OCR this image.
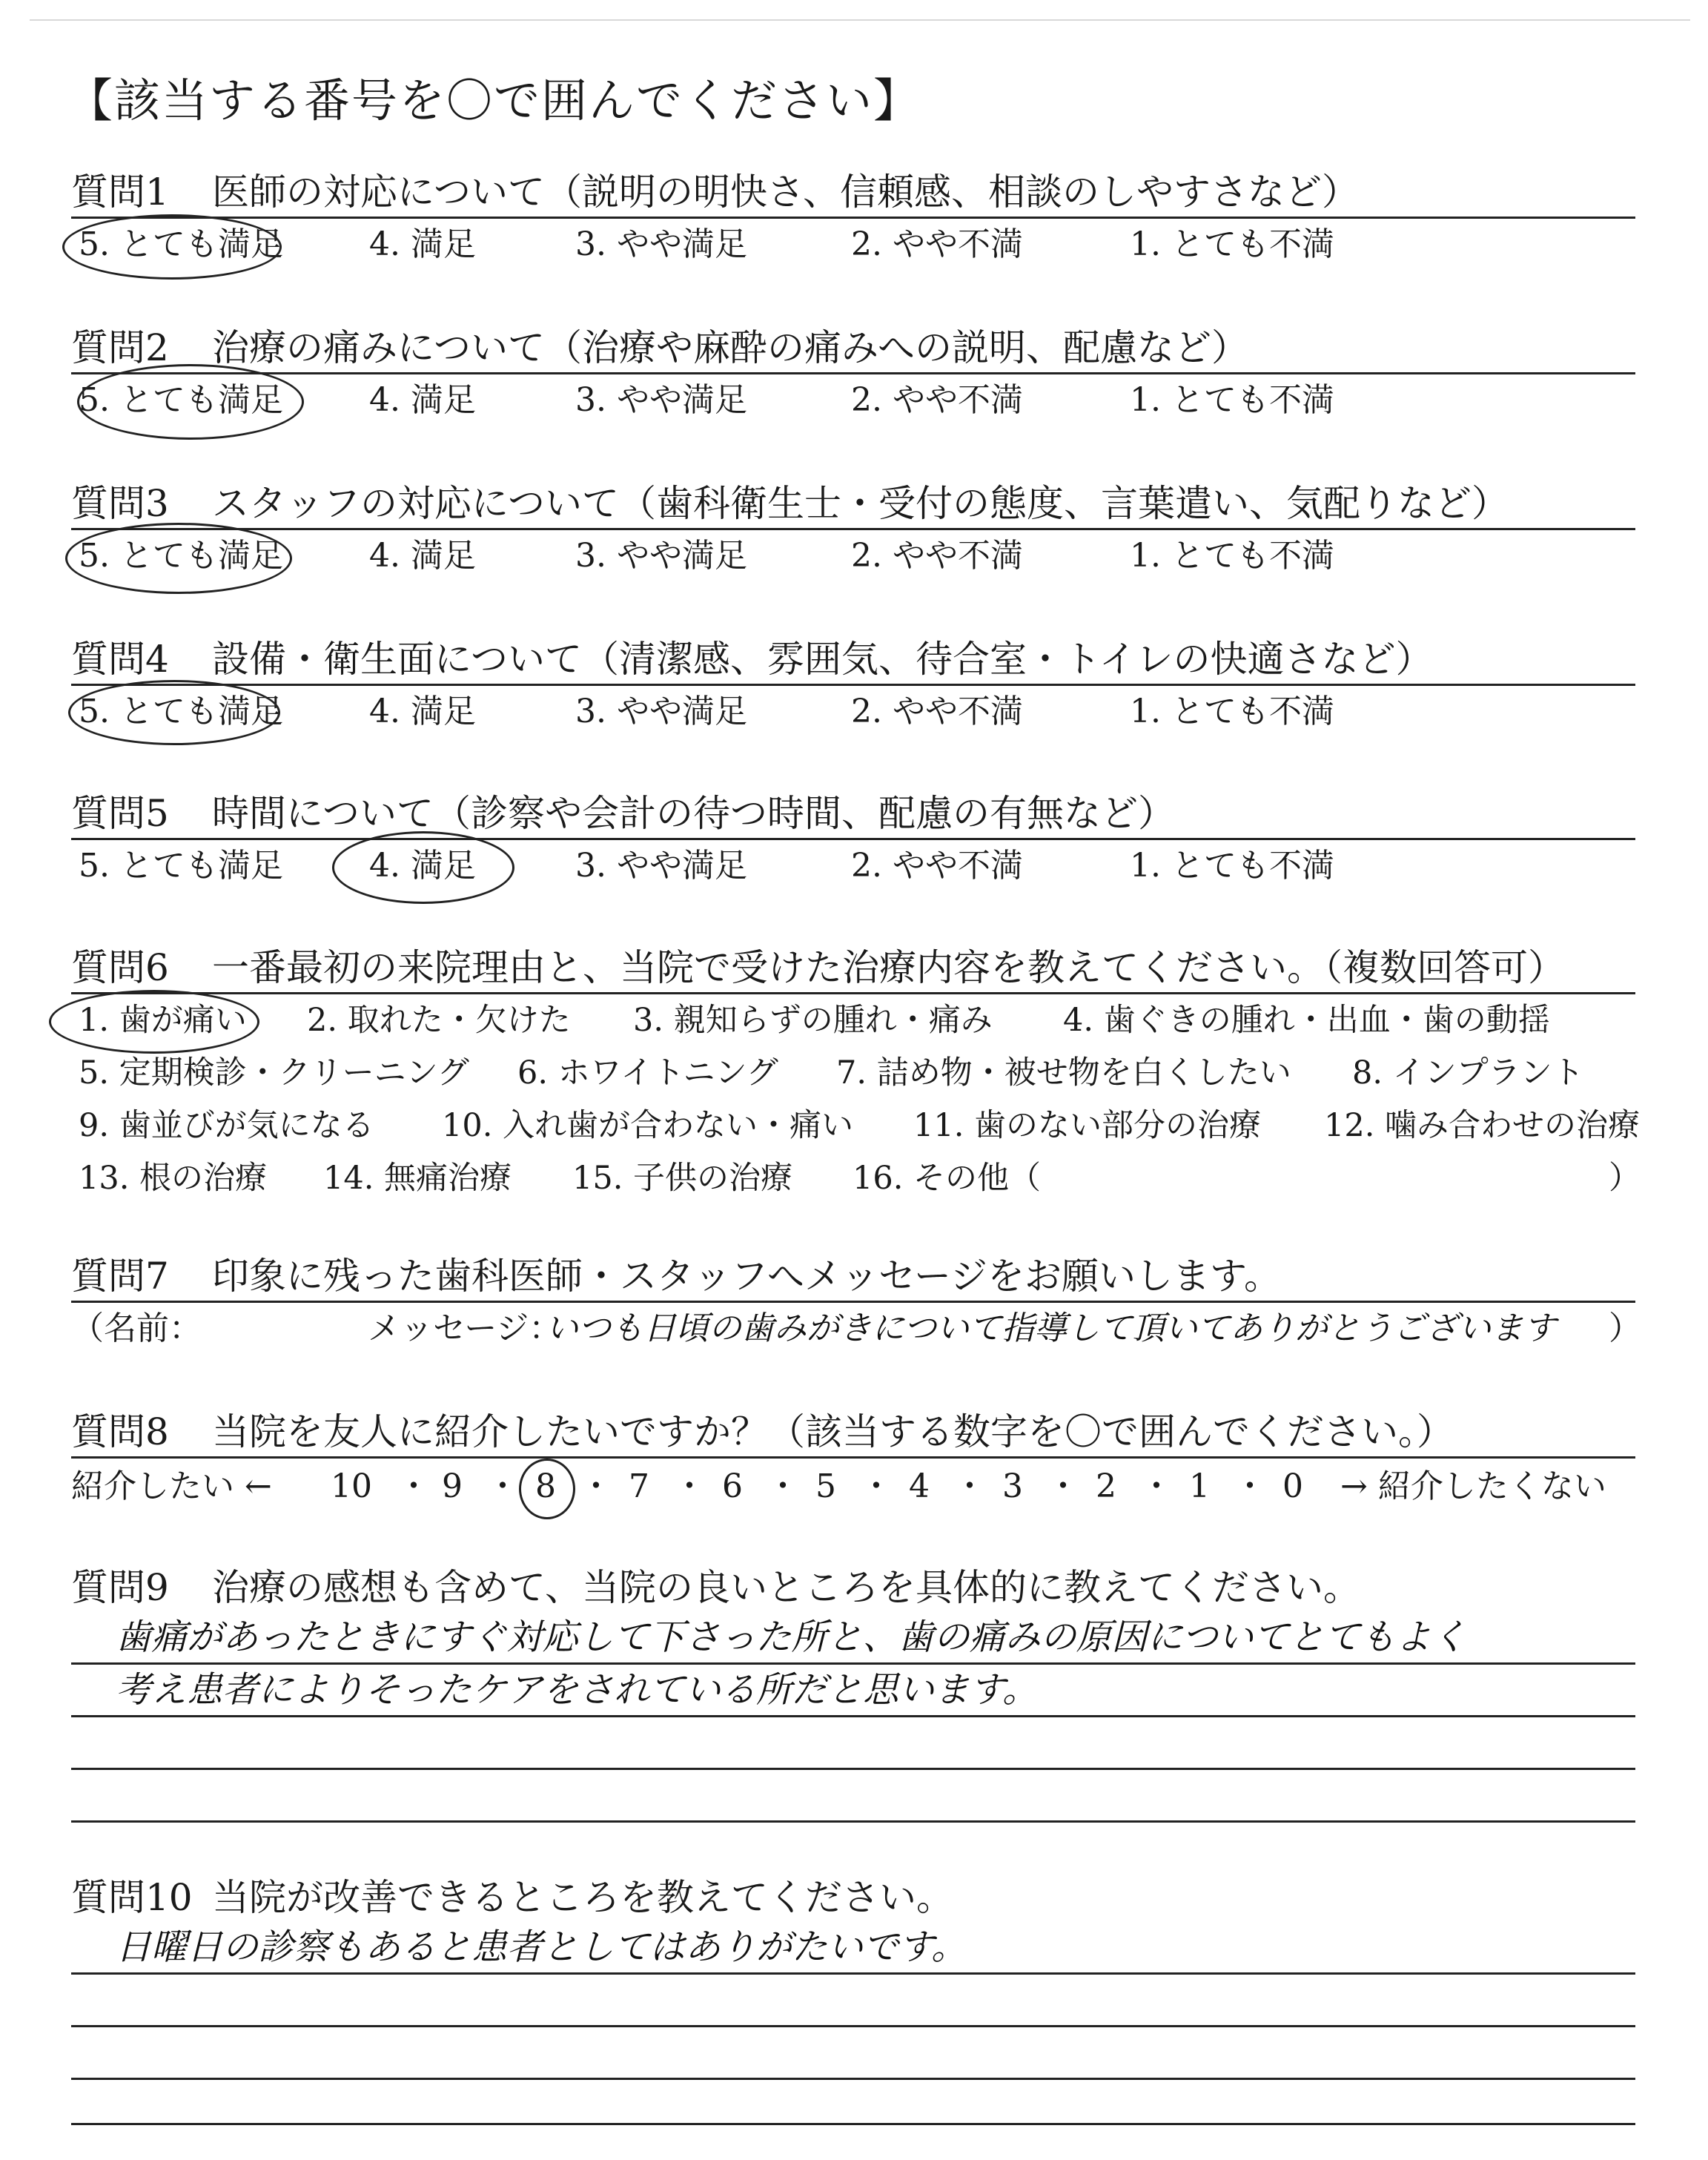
【該当する番号を〇で囲んでください】
質問1 医師の対応について（説明の明快さ、信頼感、相談のしやすさなど）
5. とても満足	4. 満足	3. やや満足	2. やや不満	1. とても不満
質問2 治療の痛みについて（治療や麻酔の痛みへの説明、配慮など）
5. とても満足	4. 満足	3. やや満足	2. やや不満	1. とても不満
質問3 スタッフの対応について（歯科衛生士・受付の態度、言葉遣い、気配りなど）
5. とても満足	4. 満足	3. やや満足	2. やや不満	1. とても不満
質問4 設備・衛生面について（清潔感、雰囲気、待合室・トイレの快適さなど）
5. とても満足	4. 満足	3. やや満足	2. やや不満	1. とても不満
質問5 時間について（診察や会計の待つ時間、配慮の有無など）
5. とても満足	4. 満足	3. やや満足	2. やや不満	1. とても不満
質問6 一番最初の来院理由と、当院で受けた治療内容を教えてください。（複数回答可）
1. 歯が痛い 2. 取れた・欠けた 3. 親知らずの腫れ・痛み 4. 歯ぐきの腫れ・出血・歯の動揺
5. 定期検診・クリーニング 6. ホワイトニング 7. 詰め物・被せ物を白くしたい 8. インプラント
9. 歯並びが気になる 10. 入れ歯が合わない・痛い 11. 歯のない部分の治療 12. 噛み合わせの治療
13. 根の治療 14. 無痛治療 15. 子供の治療 16. その他（	）
質問7 印象に残った歯科医師・スタッフへメッセージをお願いします。
（名前：	メッセージ：
いつも日頃の歯みがきについて指導して頂いてありがとうございます ）
質問8 当院を友人に紹介したいですか？（該当する数字を〇で囲んでください。）
紹介したい ← 10 ・ 9 ・ 8 ・ 7 ・ 6 ・ 5 ・ 4 ・ 3 ・ 2 ・ 1 ・ 0 → 紹介したくない
質問9 治療の感想も含めて、当院の良いところを具体的に教えてください。
歯痛があったときにすぐ対応して下さった所と、歯の痛みの原因についてとてもよく
考え患者によりそったケアをされている所だと思います。
質問10 当院が改善できるところを教えてください。
日曜日の診察もあると患者としてはありがたいです。
